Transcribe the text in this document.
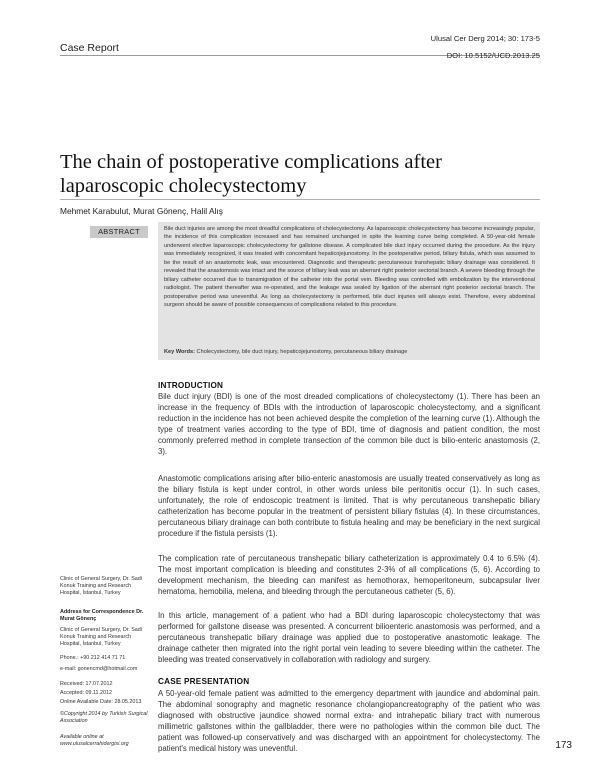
Case Report
Ulusal Cer Derg 2014; 30: 173-5
DOI: 10.5152/UCD.2013.25
The chain of postoperative complications after laparoscopic cholecystectomy
Mehmet Karabulut, Murat Gönenç, Halil Alış
ABSTRACT	Bile duct injuries are among the most dreadful complications of cholecystectomy. As laparoscopic cholecystectomy has become increasingly popular, the incidence of this complication increased and has remained unchanged in spite the learning curve being completed. A 50-year-old female underwent elective laparoscopic cholecystectomy for gallstone disease. A complicated bile duct injury occurred during the procedure. As the injury was immediately recognized, it was treated with concomitant hepaticojejunostomy. In the postoperative period, biliary fistula, which was assumed to be the result of an anastomotic leak, was encountered. Diagnostic and therapeutic percutaneous transhepatic biliary drainage was considered. It revealed that the anastomosis was intact and the source of biliary leak was an aberrant right posterior sectorial branch. A severe bleeding through the biliary catheter occurred due to transmigration of the catheter into the portal vein. Bleeding was controlled with embolization by the interventional radiologist. The patient thereafter was re-operated, and the leakage was sealed by ligation of the aberrant right posterior sectorial branch. The postoperative period was uneventful. As long as cholecystectomy is performed, bile duct injuries will always exist. Therefore, every abdominal surgeon should be aware of possible consequences of complications related to this procedure.
Key Words: Cholecystectomy, bile duct injury, hepaticojejunostomy, percutaneous biliary drainage
INTRODUCTION
Bile duct injury (BDI) is one of the most dreaded complications of cholecystectomy (1). There has been an increase in the frequency of BDIs with the introduction of laparoscopic cholecystectomy, and a significant reduction in the incidence has not been achieved despite the completion of the learning curve (1). Although the type of treatment varies according to the type of BDI, time of diagnosis and patient condition, the most commonly preferred method in complete transection of the common bile duct is bilio-enteric anastomosis (2, 3).
Anastomotic complications arising after bilio-enteric anastomosis are usually treated conservatively as long as the biliary fistula is kept under control, in other words unless bile peritonitis occur (1). In such cases, unfortunately, the role of endoscopic treatment is limited. That is why percutaneous transhepatic biliary catheterization has become popular in the treatment of persistent biliary fistulas (4). In these circumstances, percutaneous biliary drainage can both contribute to fistula healing and may be beneficiary in the next surgical procedure if the fistula persists (1).
The complication rate of percutaneous transhepatic biliary catheterization is approximately 0.4 to 6.5% (4). The most important complication is bleeding and constitutes 2-3% of all complications (5, 6). According to development mechanism, the bleeding can manifest as hemothorax, hemoperitoneum, subcapsular liver hematoma, hemobilia, melena, and bleeding through the percutaneous catheter (5, 6).
In this article, management of a patient who had a BDI during laparoscopic cholecystectomy that was performed for gallstone disease was presented. A concurrent bilioenteric anastomosis was performed, and a percutaneous transhepatic biliary drainage was applied due to postoperative anastomotic leakage. The drainage catheter then migrated into the right portal vein leading to severe bleeding within the catheter. The bleeding was treated conservatively in collaboration with radiology and surgery.
CASE PRESENTATION
A 50-year-old female patient was admitted to the emergency department with jaundice and abdominal pain. The abdominal sonography and magnetic resonance cholangiopancreatography of the patient who was diagnosed with obstructive jaundice showed normal extra- and intrahepatic biliary tract with numerous millimetric gallstones within the gallbladder, there were no pathologies within the common bile duct. The patient was followed-up conservatively and was discharged with an appointment for cholecystectomy. The patient's medical history was uneventful.
Clinic of General Surgery, Dr. Sadi Konuk Training and Research Hospital, İstanbul, Turkey
Address for Correspondence Dr. Murat Gönenç
Clinic of General Surgery, Dr. Sadi Konuk Training and Research Hospital, İstanbul, Turkey
Phone.: +90 212 414 71 71
e-mail: gonencmd@hotmail.com
Received: 17.07.2012
Accepted: 09.11.2012
Online Available Date: 28.05.2013
©Copyright 2014 by Turkish Surgical Association
Available online at www.ulusalcerrahidergisi.org	173
